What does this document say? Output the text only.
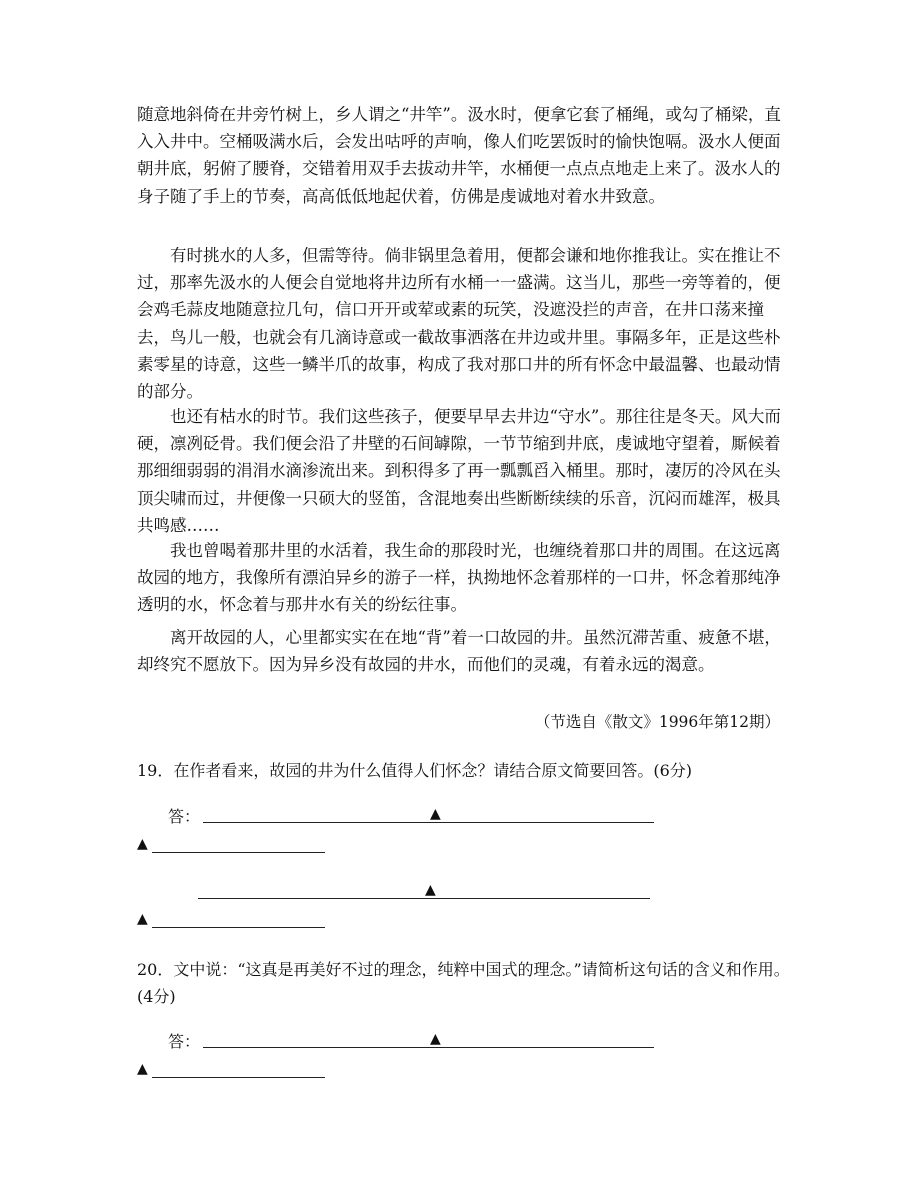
随意地斜倚在井旁竹树上，乡人谓之“井竿”。汲水时，便拿它套了桶绳，或勾了桶梁，直入入井中。空桶吸满水后，会发出咕呼的声响，像人们吃罢饭时的愉快饱嗝。汲水人便面朝井底，躬俯了腰脊，交错着用双手去拔动井竿，水桶便一点点点地走上来了。汲水人的身子随了手上的节奏，高高低低地起伏着，仿佛是虔诚地对着水井致意。

　　有时挑水的人多，但需等待。倘非锅里急着用，便都会谦和地你推我让。实在推让不过，那率先汲水的人便会自觉地将井边所有水桶一一盛满。这当儿，那些一旁等着的，便会鸡毛蒜皮地随意拉几句，信口开开或荤或素的玩笑，没遮没拦的声音，在井口荡来撞去，鸟儿一般，也就会有几滴诗意或一截故事洒落在井边或井里。事隔多年，正是这些朴素零星的诗意，这些一鳞半爪的故事，构成了我对那口井的所有怀念中最温馨、也最动情的部分。

　　也还有枯水的时节。我们这些孩子，便要早早去井边“守水”。那往往是冬天。风大而硬，凛冽砭骨。我们便会沿了井壁的石间罅隙，一节节缩到井底，虔诚地守望着，厮候着那细细弱弱的涓涓水滴渗流出来。到积得多了再一瓢瓢舀入桶里。那时，凄厉的冷风在头顶尖啸而过，井便像一只硕大的竖笛，含混地奏出些断断续续的乐音，沉闷而雄浑，极具共鸣感……

　　我也曾喝着那井里的水活着，我生命的那段时光，也缠绕着那口井的周围。在这远离故园的地方，我像所有漂泊异乡的游子一样，执拗地怀念着那样的一口井，怀念着那纯净透明的水，怀念着与那井水有关的纷纭往事。

　　离开故园的人，心里都实实在在地“背”着一口故园的井。虽然沉滞苦重、疲惫不堪，却终究不愿放下。因为异乡没有故园的井水，而他们的灵魂，有着永远的渴意。

（节选自《散文》1996年第12期）

19．在作者看来，故园的井为什么值得人们怀念？请结合原文简要回答。(6分)

答：	▲
▲
▲
▲

20．文中说：“这真是再美好不过的理念，纯粹中国式的理念。”请简析这句话的含义和作用。(4分)

答：	▲
▲
